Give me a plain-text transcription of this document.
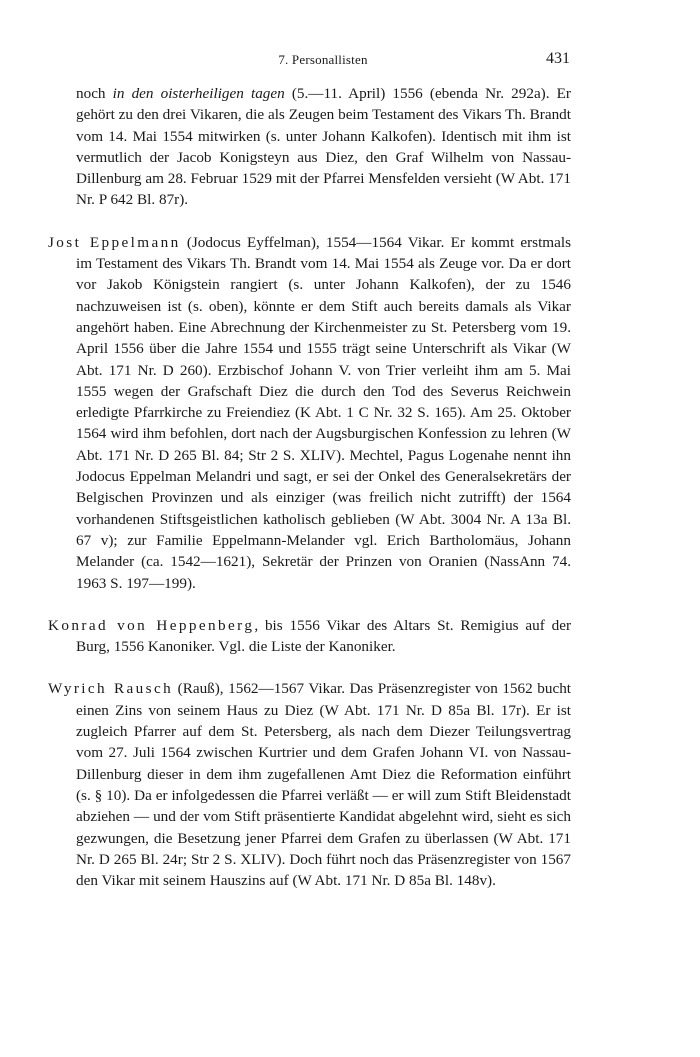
7. Personallisten	431

noch in den oisterheiligen tagen (5.—11. April) 1556 (ebenda Nr. 292a). Er gehört zu den drei Vikaren, die als Zeugen beim Testament des Vikars Th. Brandt vom 14. Mai 1554 mitwirken (s. unter Johann Kalkofen). Identisch mit ihm ist vermutlich der Jacob Konigsteyn aus Diez, den Graf Wilhelm von Nassau-Dillenburg am 28. Februar 1529 mit der Pfarrei Mensfelden versieht (W Abt. 171 Nr. P 642 Bl. 87r).

Jost Eppelmann (Jodocus Eyffelman), 1554—1564 Vikar. Er kommt erstmals im Testament des Vikars Th. Brandt vom 14. Mai 1554 als Zeuge vor. Da er dort vor Jakob Königstein rangiert (s. unter Johann Kalkofen), der zu 1546 nachzuweisen ist (s. oben), könnte er dem Stift auch bereits damals als Vikar angehört haben. Eine Abrechnung der Kirchenmeister zu St. Petersberg vom 19. April 1556 über die Jahre 1554 und 1555 trägt seine Unterschrift als Vikar (W Abt. 171 Nr. D 260). Erzbischof Johann V. von Trier verleiht ihm am 5. Mai 1555 wegen der Grafschaft Diez die durch den Tod des Severus Reichwein erledigte Pfarrkirche zu Freiendiez (K Abt. 1 C Nr. 32 S. 165). Am 25. Oktober 1564 wird ihm befohlen, dort nach der Augsburgischen Konfession zu lehren (W Abt. 171 Nr. D 265 Bl. 84; Str 2 S. XLIV). Mechtel, Pagus Logenahe nennt ihn Jodocus Eppelman Melandri und sagt, er sei der Onkel des Generalsekretärs der Belgischen Provinzen und als einziger (was freilich nicht zutrifft) der 1564 vorhandenen Stiftsgeistlichen katholisch geblieben (W Abt. 3004 Nr. A 13a Bl. 67 v); zur Familie Eppelmann-Melander vgl. Erich Bartholomäus, Johann Melander (ca. 1542—1621), Sekretär der Prinzen von Oranien (NassAnn 74. 1963 S. 197—199).

Konrad von Heppenberg, bis 1556 Vikar des Altars St. Remigius auf der Burg, 1556 Kanoniker. Vgl. die Liste der Kanoniker.

Wyrich Rausch (Rauß), 1562—1567 Vikar. Das Präsenzregister von 1562 bucht einen Zins von seinem Haus zu Diez (W Abt. 171 Nr. D 85a Bl. 17r). Er ist zugleich Pfarrer auf dem St. Petersberg, als nach dem Diezer Teilungsvertrag vom 27. Juli 1564 zwischen Kurtrier und dem Grafen Johann VI. von Nassau-Dillenburg dieser in dem ihm zugefallenen Amt Diez die Reformation einführt (s. § 10). Da er infolgedessen die Pfarrei verläßt — er will zum Stift Bleidenstadt abziehen — und der vom Stift präsentierte Kandidat abgelehnt wird, sieht es sich gezwungen, die Besetzung jener Pfarrei dem Grafen zu überlassen (W Abt. 171 Nr. D 265 Bl. 24r; Str 2 S. XLIV). Doch führt noch das Präsenzregister von 1567 den Vikar mit seinem Hauszins auf (W Abt. 171 Nr. D 85a Bl. 148v).
